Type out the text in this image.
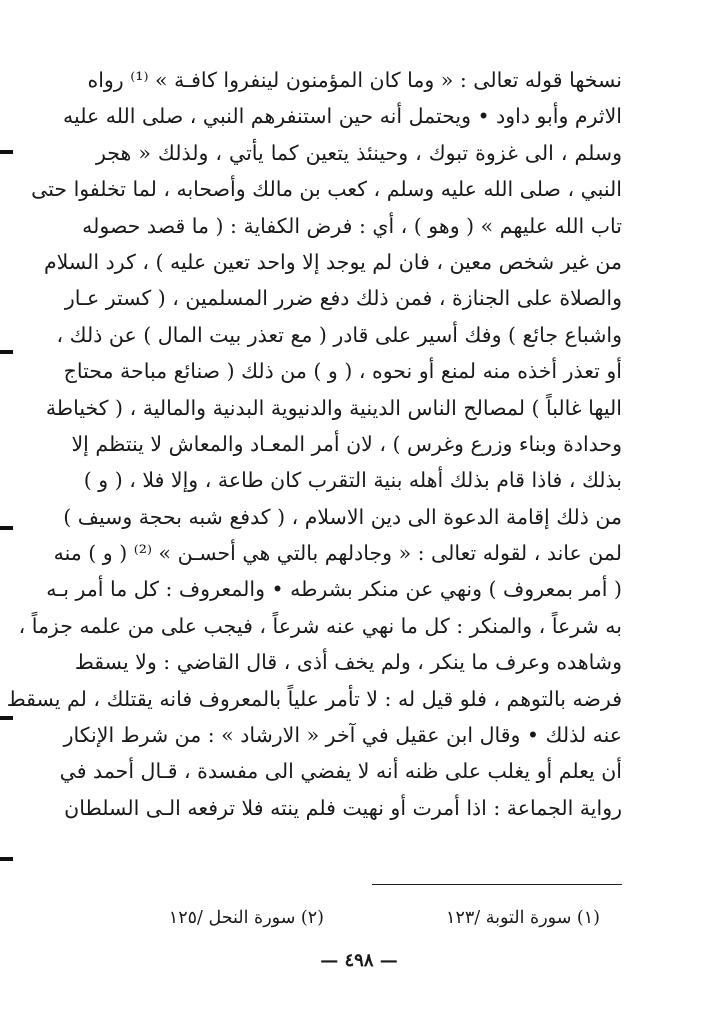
نسخها قوله تعالى : « وما كان المؤمنون لينفروا كافـة » ⁽¹⁾ رواه
الاثرم وأبو داود • ويحتمل أنه حين استنفرهم النبي ، صلى الله عليه
وسلم ، الى غزوة تبوك ، وحينئذ يتعين كما يأتي ، ولذلك « هجر
النبي ، صلى الله عليه وسلم ، كعب بن مالك وأصحابه ، لما تخلفوا حتى
تاب الله عليهم » ( وهو ) ، أي : فرض الكفاية : ( ما قصد حصوله
من غير شخص معين ، فان لم يوجد إلا واحد تعين عليه ) ، كرد السلام
والصلاة على الجنازة ، فمن ذلك دفع ضرر المسلمين ، ( كستر عـار
واشباع جائع ) وفك أسير على قادر ( مع تعذر بيت المال ) عن ذلك ،
أو تعذر أخذه منه لمنع أو نحوه ، ( و ) من ذلك ( صنائع مباحة محتاج
اليها غالباً ) لمصالح الناس الدينية والدنيوية البدنية والمالية ، ( كخياطة
وحدادة وبناء وزرع وغرس ) ، لان أمر المعـاد والمعاش لا ينتظم إلا
بذلك ، فاذا قام بذلك أهله بنية التقرب كان طاعة ، وإلا فلا ، ( و )
من ذلك إقامة الدعوة الى دين الاسلام ، ( كدفع شبه بحجة وسيف )
لمن عاند ، لقوله تعالى : « وجادلهم بالتي هي أحسـن » ⁽²⁾ ( و ) منه
( أمر بمعروف ) ونهي عن منكر بشرطه • والمعروف : كل ما أمر بـه
به شرعاً ، والمنكر : كل ما نهي عنه شرعاً ، فيجب على من علمه جزماً ،
وشاهده وعرف ما ينكر ، ولم يخف أذى ، قال القاضي : ولا يسقط
فرضه بالتوهم ، فلو قيل له : لا تأمر علياً بالمعروف فانه يقتلك ، لم يسقط
عنه لذلك • وقال ابن عقيل في آخر « الارشاد » : من شرط الإنكار
أن يعلم أو يغلب على ظنه أنه لا يفضي الى مفسدة ، قـال أحمد في
رواية الجماعة : اذا أمرت أو نهيت فلم ينته فلا ترفعه الـى السلطان
(١) سورة التوبة /١٢٣
(٢) سورة النحل /١٢٥
— ٤٩٨ —
